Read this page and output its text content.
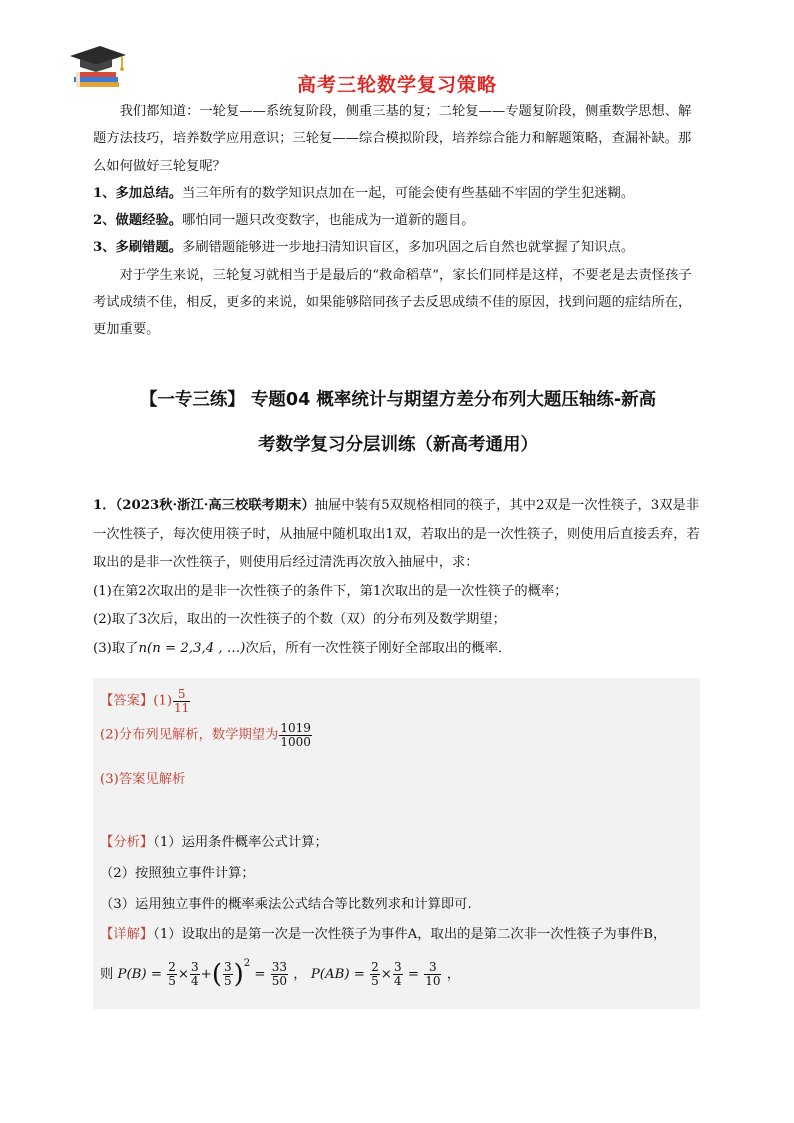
高考三轮数学复习策略

我们都知道：一轮复——系统复阶段，侧重三基的复；二轮复——专题复阶段，侧重数学思想、解题方法技巧，培养数学应用意识；三轮复——综合模拟阶段，培养综合能力和解题策略，查漏补缺。那么如何做好三轮复呢？

1、多加总结。当三年所有的数学知识点加在一起，可能会使有些基础不牢固的学生犯迷糊。

2、做题经验。哪怕同一题只改变数字，也能成为一道新的题目。

3、多刷错题。多刷错题能够进一步地扫清知识盲区，多加巩固之后自然也就掌握了知识点。

对于学生来说，三轮复习就相当于是最后的“救命稻草”，家长们同样是这样，不要老是去责怪孩子考试成绩不佳，相反，更多的来说，如果能够陪同孩子去反思成绩不佳的原因，找到问题的症结所在，更加重要。

【一专三练】 专题04 概率统计与期望方差分布列大题压轴练-新高
考数学复习分层训练（新高考通用）

1．（2023秋·浙江·高三校联考期末）抽屉中装有5双规格相同的筷子，其中2双是一次性筷子，3双是非一次性筷子，每次使用筷子时，从抽屉中随机取出1双，若取出的是一次性筷子，则使用后直接丢弃，若取出的是非一次性筷子，则使用后经过清洗再次放入抽屉中，求：

(1)在第2次取出的是非一次性筷子的条件下，第1次取出的是一次性筷子的概率；

(2)取了3次后，取出的一次性筷子的个数（双）的分布列及数学期望；

(3)取了n(n = 2,3,4 , …)次后，所有一次性筷子刚好全部取出的概率．

【答案】$(1) \frac{5}{11}$
(2)分布列见解析，数学期望为 $\frac{1019}{1000}$
(3)答案见解析
【分析】（1）运用条件概率公式计算；
（2）按照独立事件计算；
（3）运用独立事件的概率乘法公式结合等比数列求和计算即可.
【详解】（1）设取出的是第一次是一次性筷子为事件A，取出的是第二次非一次性筷子为事件B，
则 $P(B) = \frac{2}{5} \times \frac{3}{4}$ +( $\frac{3}{5} )^2 = \frac{33}{50}$ ， $P(AB) = \frac{2}{5} \times \frac{3}{4} = \frac{3}{10}$ ，
